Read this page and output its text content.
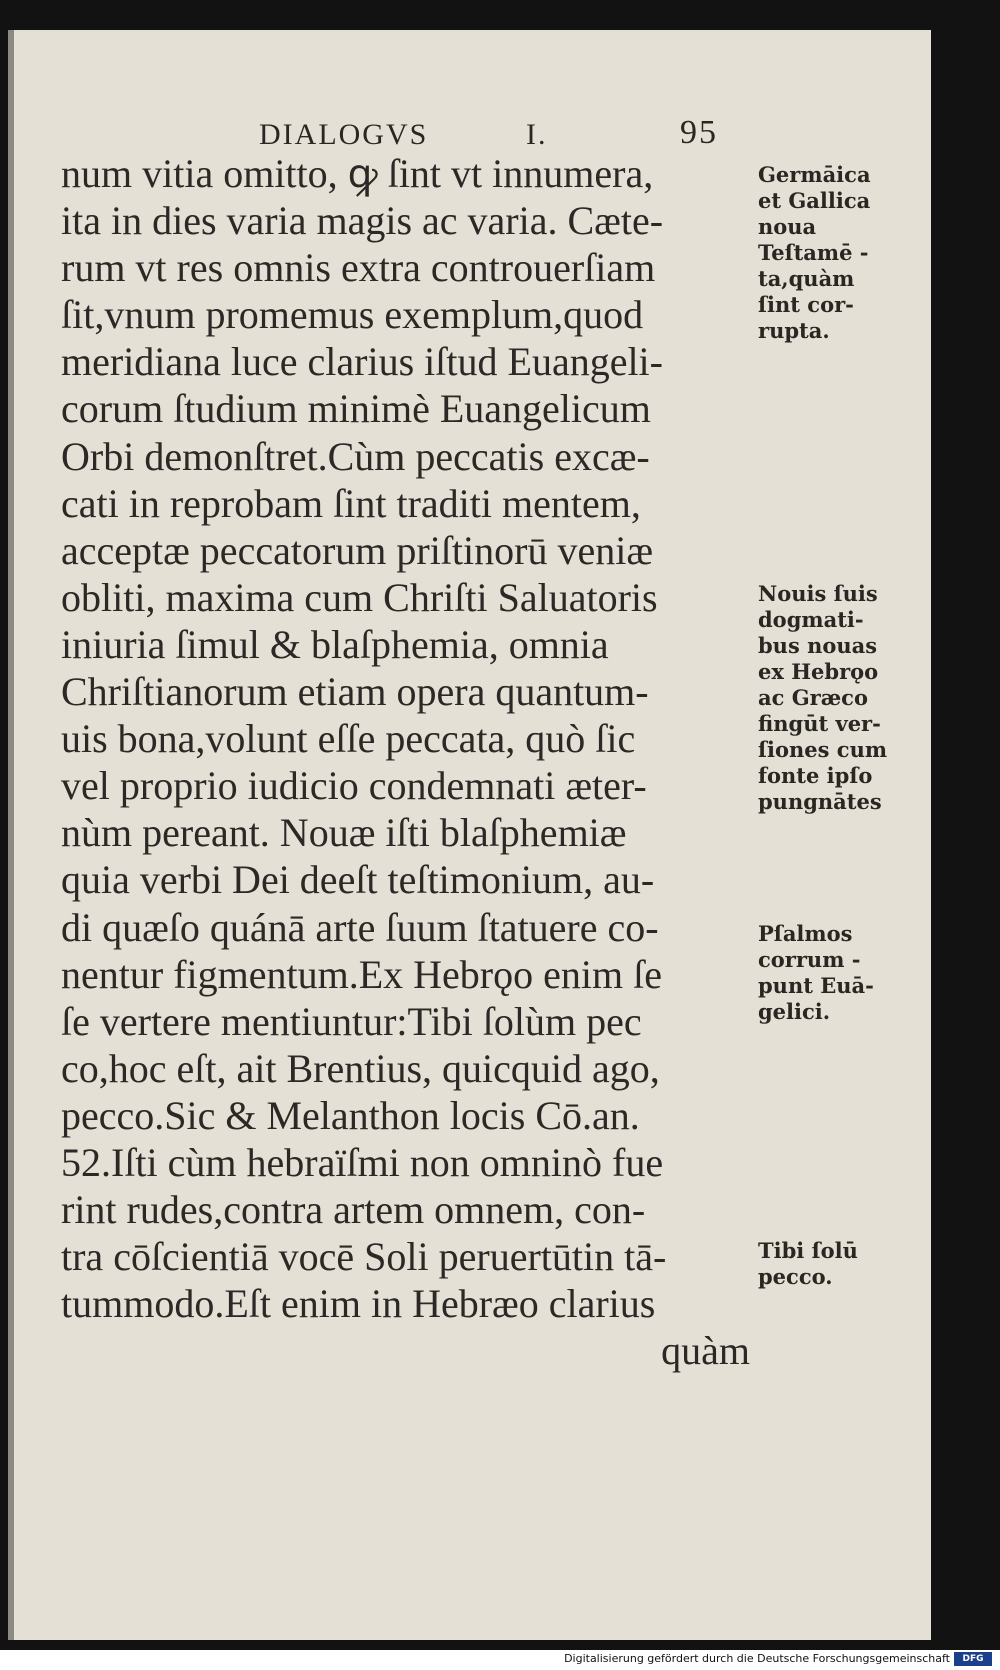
DIALOGVS	I.	95
num vitia omitto, ꝙ ſint vt innumera,
ita in dies varia magis ac varia. Cæte-
rum vt res omnis extra controuerſiam
ſit,vnum promemus exemplum,quod
meridiana luce clarius iſtud Euangeli-
corum ſtudium minimè Euangelicum
Orbi demonſtret.Cùm peccatis excæ-
cati in reprobam ſint traditi mentem,
acceptæ peccatorum priſtinorū veniæ
obliti, maxima cum Chriſti Saluatoris
iniuria ſimul & blaſphemia, omnia
Chriſtianorum etiam opera quantum-
uis bona,volunt eſſe peccata, quò ſic
vel proprio iudicio condemnati æter-
nùm pereant. Nouæ iſti blaſphemiæ
quia verbi Dei deeſt teſtimonium, au-
di quæſo quánā arte ſuum ſtatuere co-
nentur figmentum.Ex Hebrǫo enim ſe
ſe vertere mentiuntur:Tibi ſolùm pec
co,hoc eſt, ait Brentius, quicquid ago,
pecco.Sic & Melanthon locis Cō.an.
52.Iſti cùm hebraïſmi non omninò fue
rint rudes,contra artem omnem, con-
tra cōſcientiā vocē Soli peruertūtin tā-
tummodo.Eſt enim in Hebræo clarius
quàm
Germāica
et Gallica
noua
Teſtamē -
ta,quàm
ſint cor-
rupta.
Nouis ſuis
dogmati-
bus nouas
ex Hebrǫo
ac Græco
fingūt ver-
ſiones cum
fonte ipſo
pungnātes
Pſalmos
corrum -
punt Euā-
gelici.
Tibi ſolū
pecco.
Digitalisierung gefördert durch die Deutsche Forschungsgemeinschaft	DFG
